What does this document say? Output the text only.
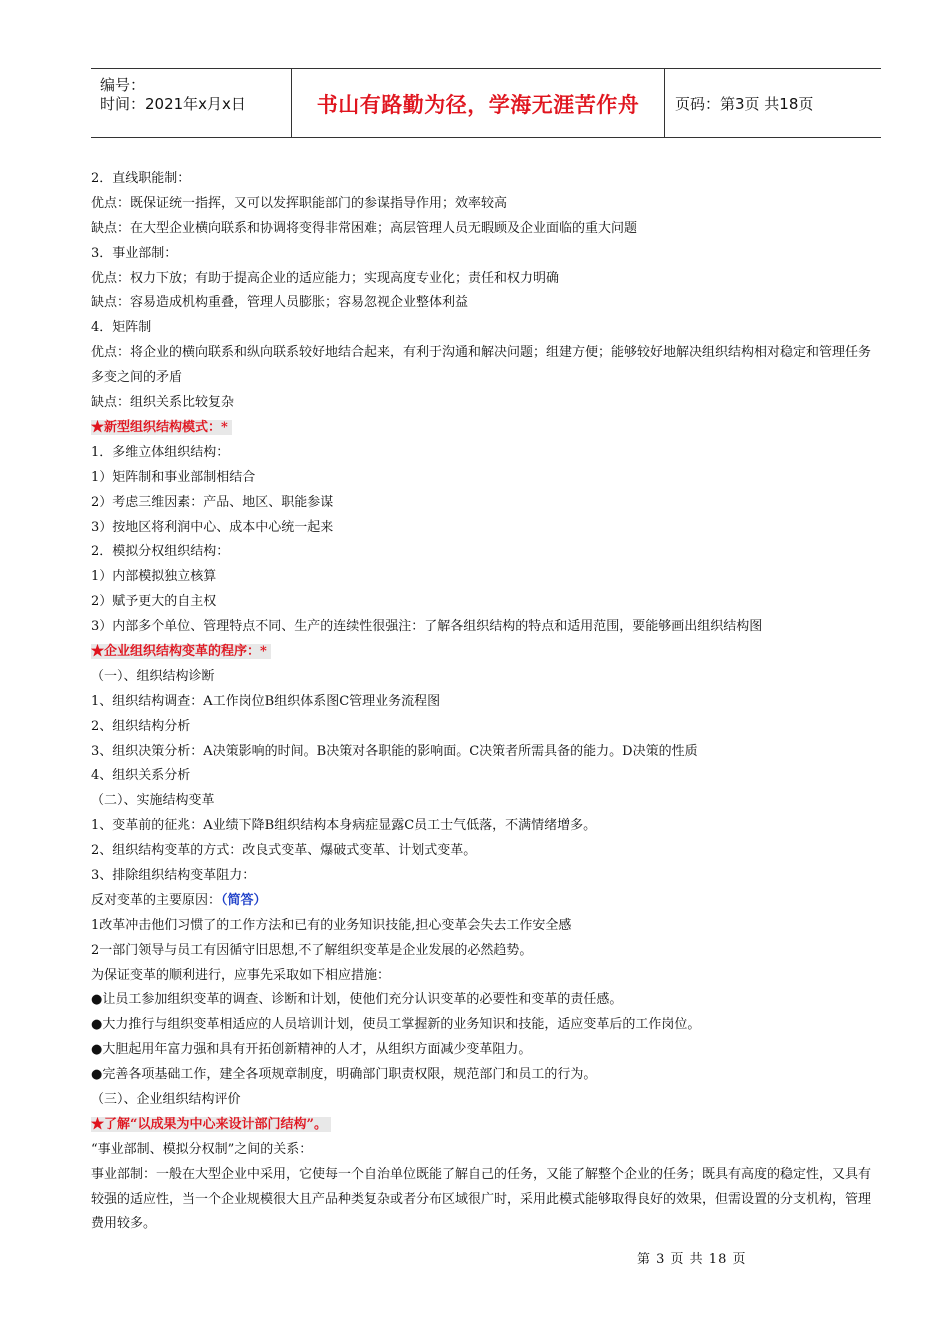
编号：
时间：2021年x月x日	书山有路勤为径，学海无涯苦作舟	页码：第3页 共18页
2．直线职能制：
优点：既保证统一指挥，又可以发挥职能部门的参谋指导作用；效率较高
缺点：在大型企业横向联系和协调将变得非常困难；高层管理人员无暇顾及企业面临的重大问题
3．事业部制：
优点：权力下放；有助于提高企业的适应能力；实现高度专业化；责任和权力明确
缺点：容易造成机构重叠，管理人员膨胀；容易忽视企业整体利益
4．矩阵制
优点：将企业的横向联系和纵向联系较好地结合起来，有利于沟通和解决问题；组建方便；能够较好地解决组织结构相对稳定和管理任务多变之间的矛盾
缺点：组织关系比较复杂
★新型组织结构模式：*
1．多维立体组织结构：
1）矩阵制和事业部制相结合
2）考虑三维因素：产品、地区、职能参谋
3）按地区将利润中心、成本中心统一起来
2．模拟分权组织结构：
1）内部模拟独立核算
2）赋予更大的自主权
3）内部多个单位、管理特点不同、生产的连续性很强注：了解各组织结构的特点和适用范围，要能够画出组织结构图
★企业组织结构变革的程序：*
（一）、组织结构诊断
1、组织结构调查：A工作岗位B组织体系图C管理业务流程图
2、组织结构分析
3、组织决策分析：A决策影响的时间。B决策对各职能的影响面。C决策者所需具备的能力。D决策的性质
4、组织关系分析
（二）、实施结构变革
1、变革前的征兆：A业绩下降B组织结构本身病症显露C员工士气低落，不满情绪增多。
2、组织结构变革的方式：改良式变革、爆破式变革、计划式变革。
3、排除组织结构变革阻力：
反对变革的主要原因：（简答）
1改革冲击他们习惯了的工作方法和已有的业务知识技能,担心变革会失去工作安全感
2一部门领导与员工有因循守旧思想,不了解组织变革是企业发展的必然趋势。
为保证变革的顺利进行，应事先采取如下相应措施：
●让员工参加组织变革的调查、诊断和计划，使他们充分认识变革的必要性和变革的责任感。
●大力推行与组织变革相适应的人员培训计划，使员工掌握新的业务知识和技能，适应变革后的工作岗位。
●大胆起用年富力强和具有开拓创新精神的人才，从组织方面减少变革阻力。
●完善各项基础工作，建全各项规章制度，明确部门职责权限，规范部门和员工的行为。
（三）、企业组织结构评价
★了解“以成果为中心来设计部门结构”。
“事业部制、模拟分权制”之间的关系：
事业部制：一般在大型企业中采用，它使每一个自治单位既能了解自己的任务，又能了解整个企业的任务；既具有高度的稳定性，又具有较强的适应性，当一个企业规模很大且产品种类复杂或者分布区域很广时，采用此模式能够取得良好的效果，但需设置的分支机构，管理费用较多。
第 3 页 共 18 页
